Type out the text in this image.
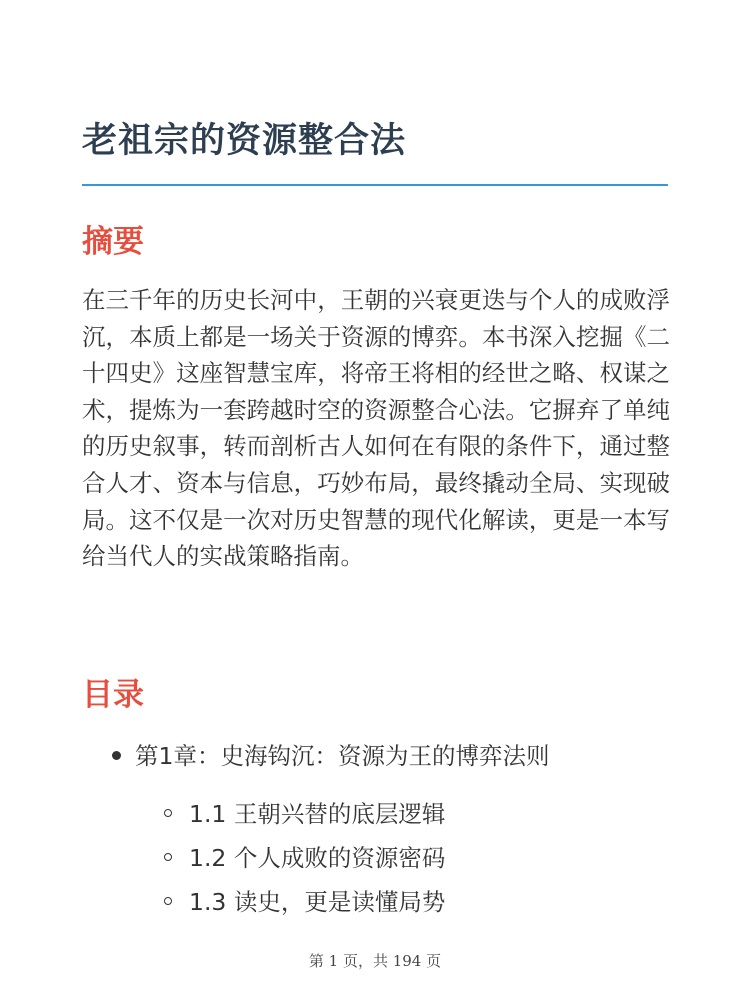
老祖宗的资源整合法
摘要

在三千年的历史长河中，王朝的兴衰更迭与个人的成败浮沉，本质上都是一场关于资源的博弈。本书深入挖掘《二十四史》这座智慧宝库，将帝王将相的经世之略、权谋之术，提炼为一套跨越时空的资源整合心法。它摒弃了单纯的历史叙事，转而剖析古人如何在有限的条件下，通过整合人才、资本与信息，巧妙布局，最终撬动全局、实现破局。这不仅是一次对历史智慧的现代化解读，更是一本写给当代人的实战策略指南。

目录
第1章：史海钩沉：资源为王的博弈法则
1.1 王朝兴替的底层逻辑
1.2 个人成败的资源密码
1.3 读史，更是读懂局势
第 1 页，共 194 页
